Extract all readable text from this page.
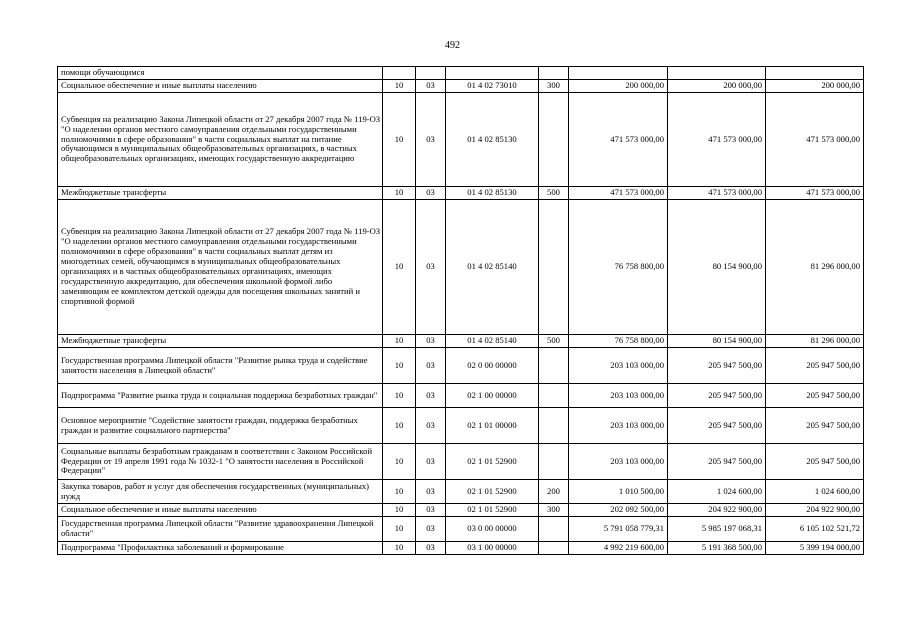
492
помощи обучающимся							
Социальное обеспечение и иные выплаты населению	10	03	01 4 02 73010	300	200 000,00	200 000,00	200 000,00
Субвенция на реализацию Закона Липецкой области от 27 декабря 2007 года № 119-ОЗ "О наделении органов местного самоуправления отдельными государственными полномочиями в сфере образования" в части социальных выплат на питание обучающимся в муниципальных общеобразовательных организациях, в частных общеобразовательных организациях, имеющих государственную аккредитацию	10	03	01 4 02 85130		471 573 000,00	471 573 000,00	471 573 000,00
Межбюджетные трансферты	10	03	01 4 02 85130	500	471 573 000,00	471 573 000,00	471 573 000,00
Субвенция на реализацию Закона Липецкой области от 27 декабря 2007 года № 119-ОЗ "О наделении органов местного самоуправления отдельными государственными полномочиями в сфере образования" в части социальных выплат детям из многодетных семей, обучающимся в муниципальных общеобразовательных организациях и в частных общеобразовательных организациях, имеющих государственную аккредитацию, для обеспечения школьной формой либо заменяющим ее комплектом детской одежды для посещения школьных занятий и спортивной формой	10	03	01 4 02 85140		76 758 800,00	80 154 900,00	81 296 000,00
Межбюджетные трансферты	10	03	01 4 02 85140	500	76 758 800,00	80 154 900,00	81 296 000,00
Государственная программа Липецкой области "Развитие рынка труда и содействие занятости населения в Липецкой области"	10	03	02 0 00 00000		203 103 000,00	205 947 500,00	205 947 500,00
Подпрограмма "Развитие рынка труда и социальная поддержка безработных граждан"	10	03	02 1 00 00000		203 103 000,00	205 947 500,00	205 947 500,00
Основное мероприятие "Содействие занятости граждан, поддержка безработных граждан и развитие социального партнерства"	10	03	02 1 01 00000		203 103 000,00	205 947 500,00	205 947 500,00
Социальные выплаты безработным гражданам в соответствии с Законом Российской Федерации от 19 апреля 1991 года № 1032-1 "О занятости населения в Российской Федерации"	10	03	02 1 01 52900		203 103 000,00	205 947 500,00	205 947 500,00
Закупка товаров, работ и услуг для обеспечения государственных (муниципальных) нужд	10	03	02 1 01 52900	200	1 010 500,00	1 024 600,00	1 024 600,00
Социальное обеспечение и иные выплаты населению	10	03	02 1 01 52900	300	202 092 500,00	204 922 900,00	204 922 900,00
Государственная программа Липецкой области "Развитие здравоохранения Липецкой области"	10	03	03 0 00 00000		5 791 058 779,31	5 985 197 068,31	6 105 102 521,72
Подпрограмма "Профилактика заболеваний и формирование	10	03	03 1 00 00000		4 992 219 600,00	5 191 368 500,00	5 399 194 000,00
